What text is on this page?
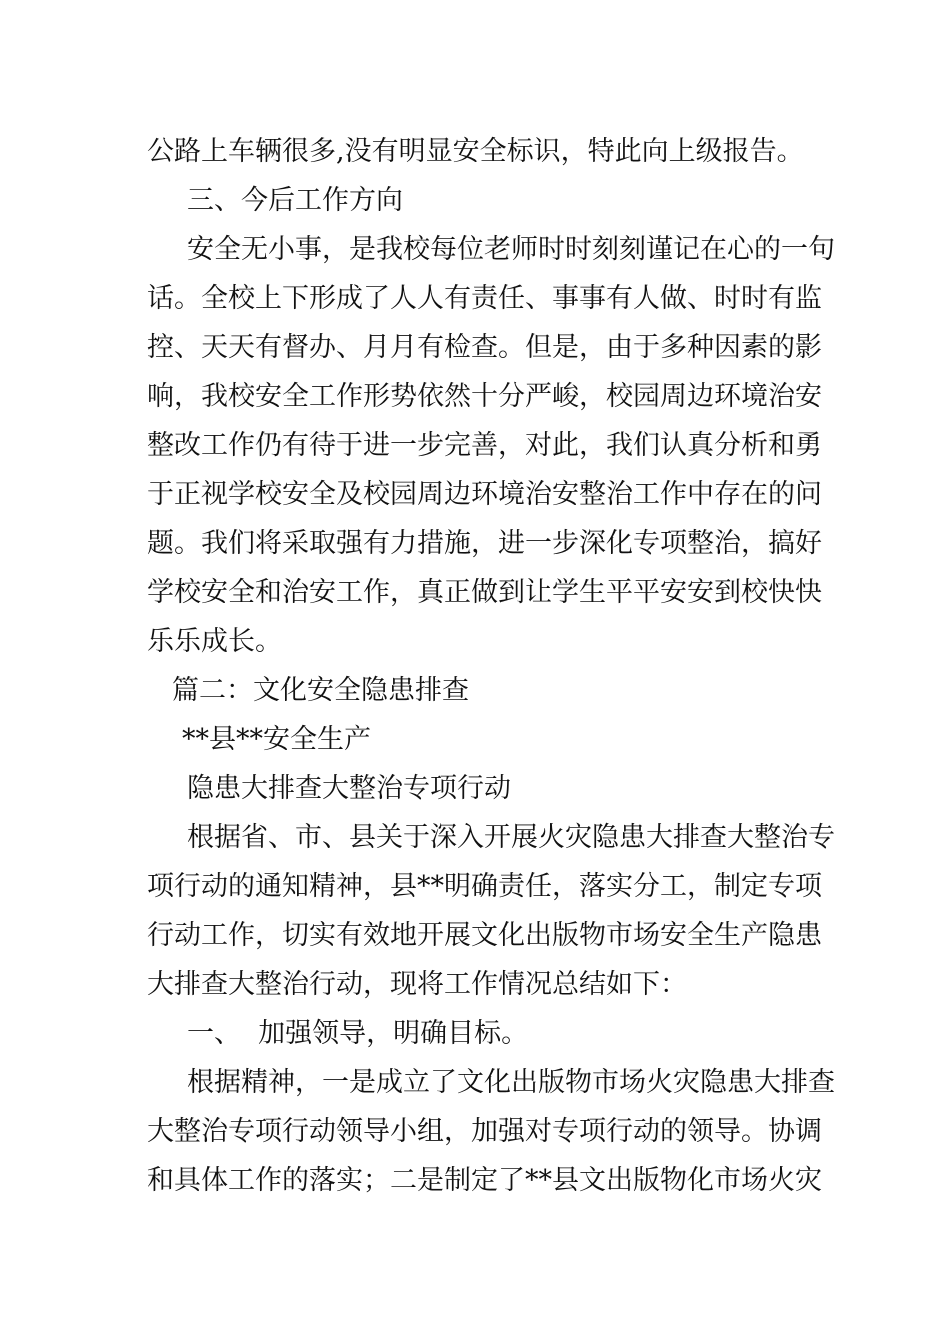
公路上车辆很多,没有明显安全标识，特此向上级报告。
三、今后工作方向
安全无小事，是我校每位老师时时刻刻谨记在心的一句
话。全校上下形成了人人有责任、事事有人做、时时有监
控、天天有督办、月月有检查。但是，由于多种因素的影
响，我校安全工作形势依然十分严峻，校园周边环境治安
整改工作仍有待于进一步完善，对此，我们认真分析和勇
于正视学校安全及校园周边环境治安整治工作中存在的问
题。我们将采取强有力措施，进一步深化专项整治，搞好
学校安全和治安工作，真正做到让学生平平安安到校快快
乐乐成长。
篇二：文化安全隐患排查
**县**安全生产
隐患大排查大整治专项行动
根据省、市、县关于深入开展火灾隐患大排查大整治专
项行动的通知精神，县**明确责任，落实分工，制定专项
行动工作，切实有效地开展文化出版物市场安全生产隐患
大排查大整治行动，现将工作情况总结如下：
一、  加强领导，明确目标。
根据精神，一是成立了文化出版物市场火灾隐患大排查
大整治专项行动领导小组，加强对专项行动的领导。协调
和具体工作的落实；二是制定了**县文出版物化市场火灾
